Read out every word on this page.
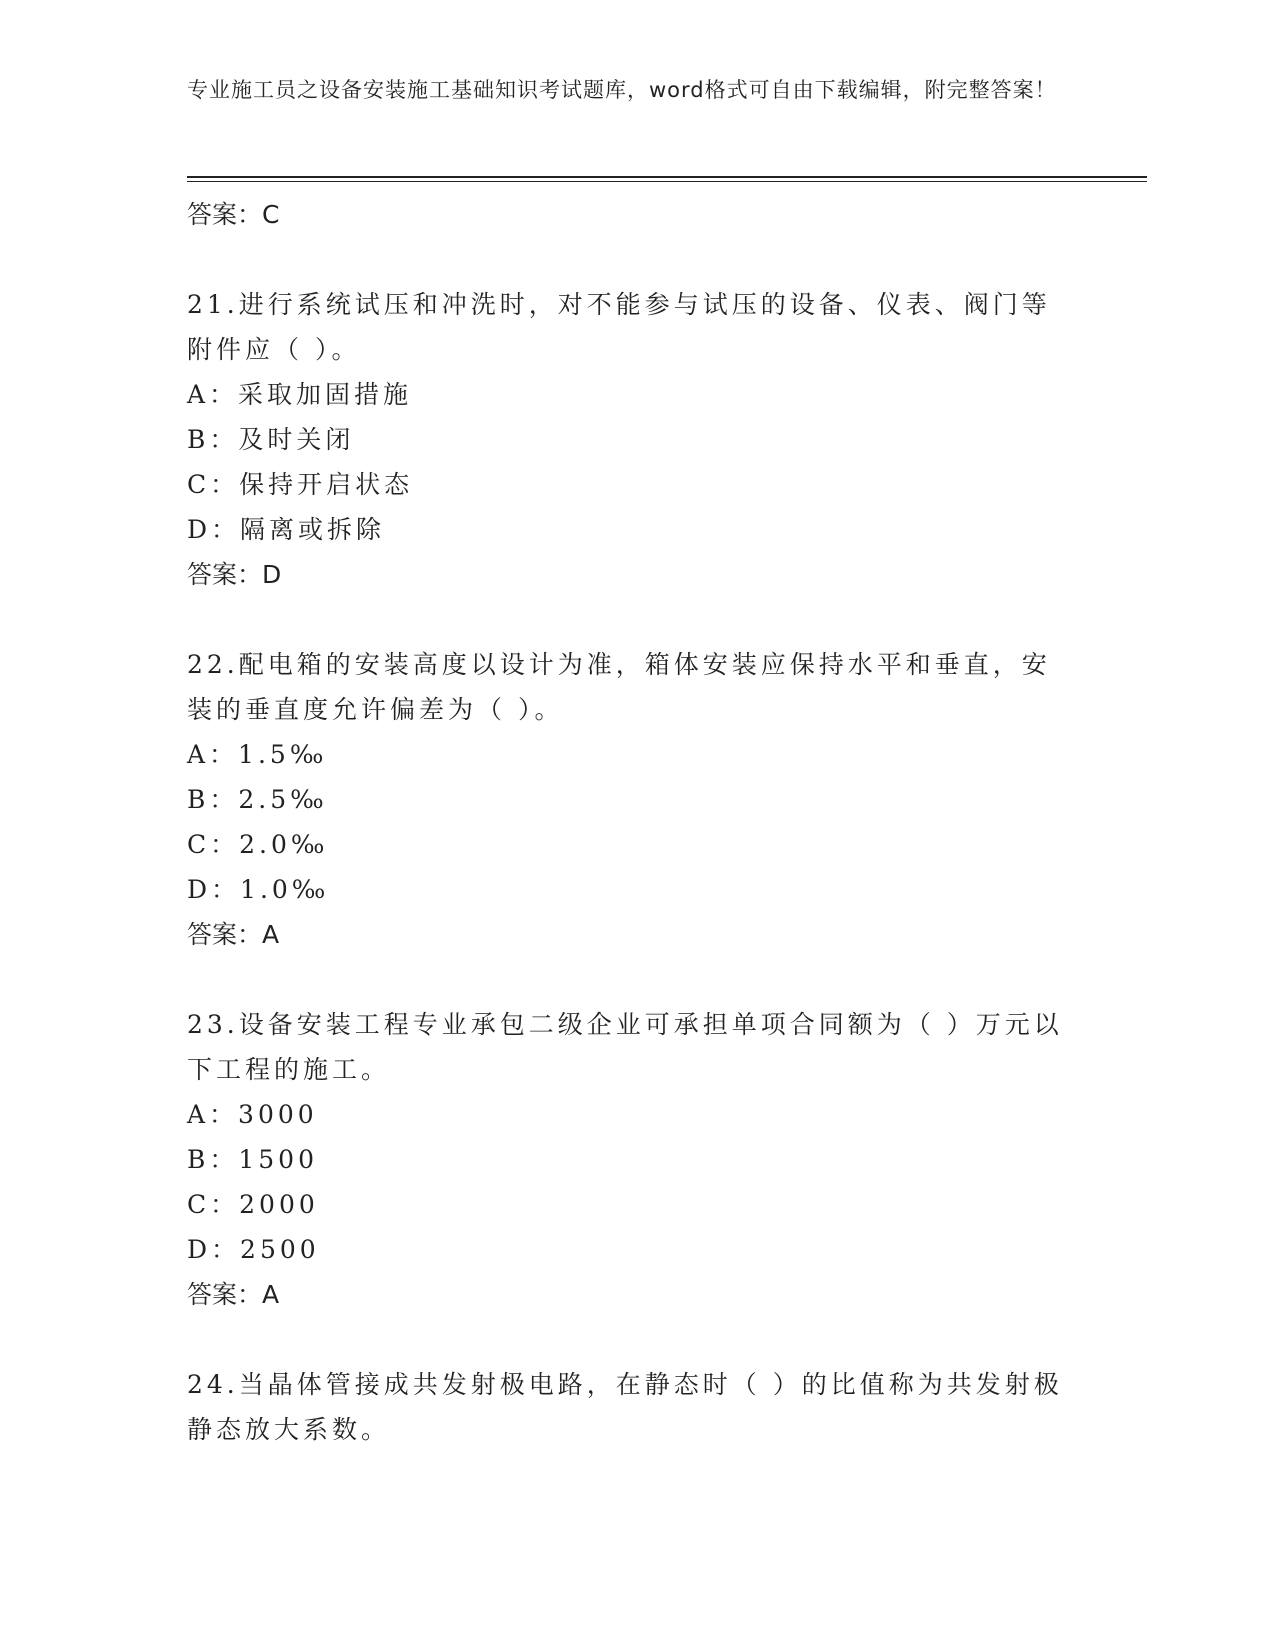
专业施工员之设备安装施工基础知识考试题库，word格式可自由下载编辑，附完整答案！
答案：C
21.进行系统试压和冲洗时，对不能参与试压的设备、仪表、阀门等附件应（ ）。
A：采取加固措施
B：及时关闭
C：保持开启状态
D：隔离或拆除
答案：D
22.配电箱的安装高度以设计为准，箱体安装应保持水平和垂直，安装的垂直度允许偏差为（ ）。
A：1.5‰
B：2.5‰
C：2.0‰
D：1.0‰
答案：A
23.设备安装工程专业承包二级企业可承担单项合同额为（ ）万元以下工程的施工。
A：3000
B：1500
C：2000
D：2500
答案：A
24.当晶体管接成共发射极电路，在静态时（ ）的比值称为共发射极静态放大系数。
